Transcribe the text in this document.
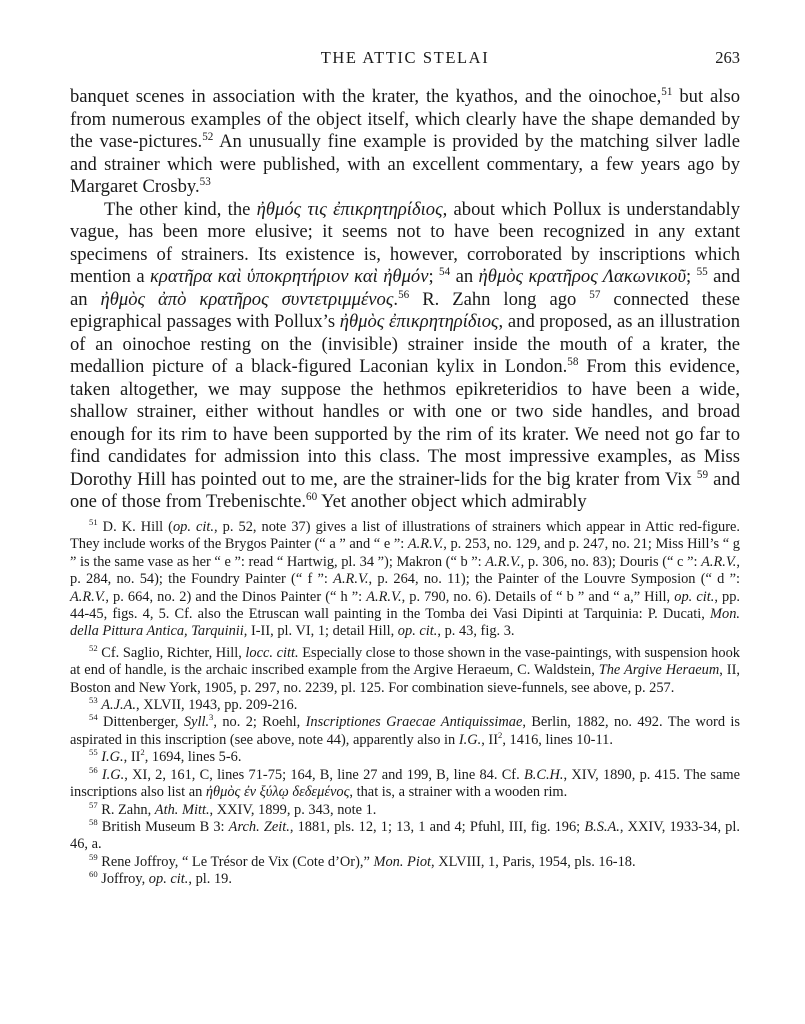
THE ATTIC STELAI	263

banquet scenes in association with the krater, the kyathos, and the oinochoe,$^{51}$ but also from numerous examples of the object itself, which clearly have the shape demanded by the vase-pictures.$^{52}$ An unusually fine example is provided by the matching silver ladle and strainer which were published, with an excellent commentary, a few years ago by Margaret Crosby.$^{53}$

The other kind, the ἠθμός τις ἐπικρητηρίδιος, about which Pollux is understandably vague, has been more elusive; it seems not to have been recognized in any extant specimens of strainers. Its existence is, however, corroborated by inscriptions which mention a κρατῆρα καὶ ὑποκρητήριον καὶ ἠθμόν; $^{54}$ an ἠθμὸς κρατῆρος Λακωνικοῦ; $^{55}$ and an ἠθμὸς ἀπὸ κρατῆρος συντετριμμένος.$^{56}$ R. Zahn long ago $^{57}$ connected these epigraphical passages with Pollux’s ἠθμὸς ἐπικρητηρίδιος, and proposed, as an illustration of an oinochoe resting on the (invisible) strainer inside the mouth of a krater, the medallion picture of a black-figured Laconian kylix in London.$^{58}$ From this evidence, taken altogether, we may suppose the hethmos epikreteridios to have been a wide, shallow strainer, either without handles or with one or two side handles, and broad enough for its rim to have been supported by the rim of its krater. We need not go far to find candidates for admission into this class. The most impressive examples, as Miss Dorothy Hill has pointed out to me, are the strainer-lids for the big krater from Vix $^{59}$ and one of those from Trebenischte.$^{60}$ Yet another object which admirably

$^{51}$ D. K. Hill (op. cit., p. 52, note 37) gives a list of illustrations of strainers which appear in Attic red-figure. They include works of the Brygos Painter (“ a ” and “ e ”: A.R.V., p. 253, no. 129, and p. 247, no. 21; Miss Hill’s “ g ” is the same vase as her “ e ”: read “ Hartwig, pl. 34 ”); Makron (“ b ”: A.R.V., p. 306, no. 83); Douris (“ c ”: A.R.V., p. 284, no. 54); the Foundry Painter (“ f ”: A.R.V., p. 264, no. 11); the Painter of the Louvre Symposion (“ d ”: A.R.V., p. 664, no. 2) and the Dinos Painter (“ h ”: A.R.V., p. 790, no. 6). Details of “ b ” and “ a,” Hill, op. cit., pp. 44-45, figs. 4, 5. Cf. also the Etruscan wall painting in the Tomba dei Vasi Dipinti at Tarquinia: P. Ducati, Mon. della Pittura Antica, Tarquinii, I-II, pl. VI, 1; detail Hill, op. cit., p. 43, fig. 3.

$^{52}$ Cf. Saglio, Richter, Hill, locc. citt. Especially close to those shown in the vase-paintings, with suspension hook at end of handle, is the archaic inscribed example from the Argive Heraeum, C. Waldstein, The Argive Heraeum, II, Boston and New York, 1905, p. 297, no. 2239, pl. 125. For combination sieve-funnels, see above, p. 257.

$^{53}$ A.J.A., XLVII, 1943, pp. 209-216.

$^{54}$ Dittenberger, Syll.$^3$, no. 2; Roehl, Inscriptiones Graecae Antiquissimae, Berlin, 1882, no. 492. The word is aspirated in this inscription (see above, note 44), apparently also in I.G., $II^2$, 1416, lines 10-11.

$^{55}$ I.G., $II^2$, 1694, lines 5-6.

$^{56}$ I.G., XI, 2, 161, C, lines 71-75; 164, B, line 27 and 199, B, line 84. Cf. B.C.H., XIV, 1890, p. 415. The same inscriptions also list an ἠθμὸς ἐν ξύλῳ δεδεμένος, that is, a strainer with a wooden rim.

$^{57}$ R. Zahn, Ath. Mitt., XXIV, 1899, p. 343, note 1.

$^{58}$ British Museum B 3: Arch. Zeit., 1881, pls. 12, 1; 13, 1 and 4; Pfuhl, III, fig. 196; B.S.A., XXIV, 1933-34, pl. 46, a.

$^{59}$ Rene Joffroy, “ Le Trésor de Vix (Cote d’Or),” Mon. Piot, XLVIII, 1, Paris, 1954, pls. 16-18.

$^{60}$ Joffroy, op. cit., pl. 19.
